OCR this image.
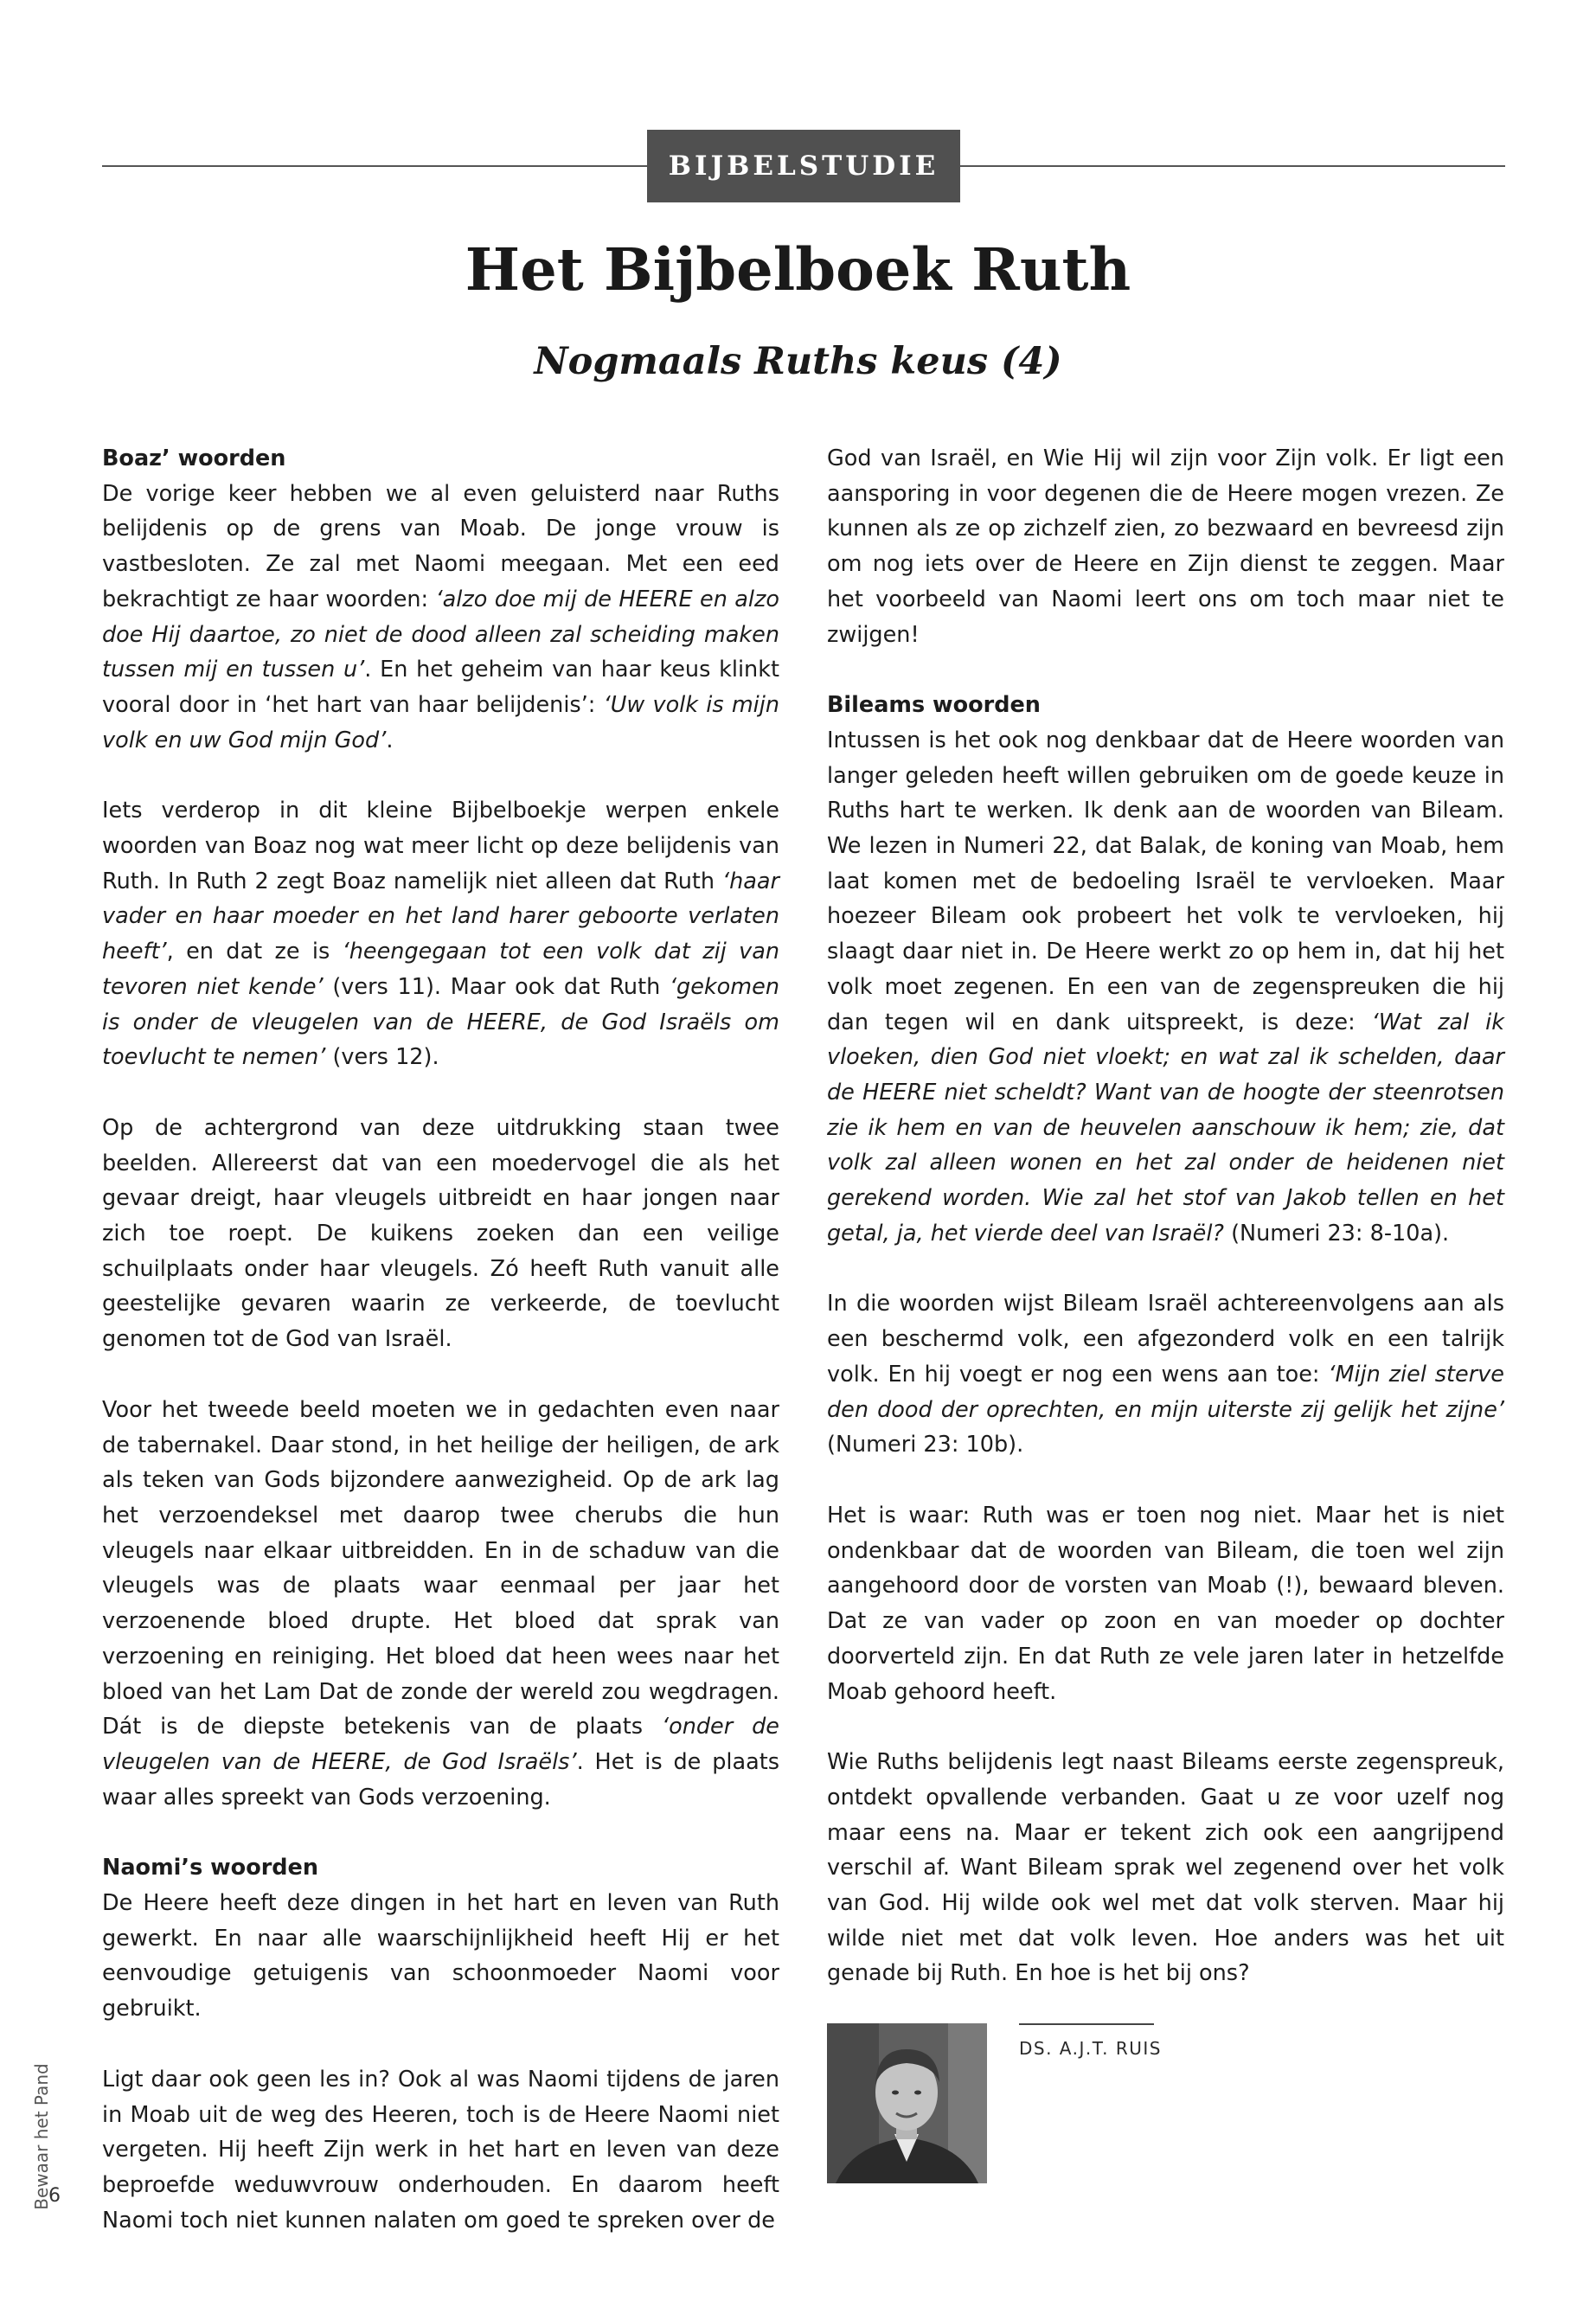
BIJBELSTUDIE
Het Bijbelboek Ruth
Nogmaals Ruths keus (4)
Boaz’ woorden

De vorige keer hebben we al even geluisterd naar Ruths belijdenis op de grens van Moab. De jonge vrouw is vastbesloten. Ze zal met Naomi meegaan. Met een eed bekrachtigt ze haar woorden: ‘alzo doe mij de HEERE en alzo doe Hij daartoe, zo niet de dood alleen zal scheiding maken tussen mij en tussen u’. En het geheim van haar keus klinkt vooral door in ‘het hart van haar belijdenis’: ‘Uw volk is mijn volk en uw God mijn God’.

Iets verderop in dit kleine Bijbelboekje werpen enkele woorden van Boaz nog wat meer licht op deze belijdenis van Ruth. In Ruth 2 zegt Boaz namelijk niet alleen dat Ruth ‘haar vader en haar moeder en het land harer geboorte verlaten heeft’, en dat ze is ‘heengegaan tot een volk dat zij van tevoren niet kende’ (vers 11). Maar ook dat Ruth ‘gekomen is onder de vleugelen van de HEERE, de God Israëls om toevlucht te nemen’ (vers 12).

Op de achtergrond van deze uitdrukking staan twee beelden. Allereerst dat van een moedervogel die als het gevaar dreigt, haar vleugels uitbreidt en haar jongen naar zich toe roept. De kuikens zoeken dan een veilige schuilplaats onder haar vleugels. Zó heeft Ruth vanuit alle geestelijke gevaren waarin ze verkeerde, de toevlucht genomen tot de God van Israël.

Voor het tweede beeld moeten we in gedachten even naar de tabernakel. Daar stond, in het heilige der heiligen, de ark als teken van Gods bijzondere aanwezigheid. Op de ark lag het verzoendeksel met daarop twee cherubs die hun vleugels naar elkaar uitbreidden. En in de schaduw van die vleugels was de plaats waar eenmaal per jaar het verzoenende bloed drupte. Het bloed dat sprak van verzoening en reiniging. Het bloed dat heen wees naar het bloed van het Lam Dat de zonde der wereld zou wegdragen. Dát is de diepste betekenis van de plaats ‘onder de vleugelen van de HEERE, de God Israëls’. Het is de plaats waar alles spreekt van Gods verzoening.

Naomi’s woorden

De Heere heeft deze dingen in het hart en leven van Ruth gewerkt. En naar alle waarschijnlijkheid heeft Hij er het eenvoudige getuigenis van schoonmoeder Naomi voor gebruikt.

Ligt daar ook geen les in? Ook al was Naomi tijdens de jaren in Moab uit de weg des Heeren, toch is de Heere Naomi niet vergeten. Hij heeft Zijn werk in het hart en leven van deze beproefde weduwvrouw onderhouden. En daarom heeft Naomi toch niet kunnen nalaten om goed te spreken over de

God van Israël, en Wie Hij wil zijn voor Zijn volk. Er ligt een aansporing in voor degenen die de Heere mogen vrezen. Ze kunnen als ze op zichzelf zien, zo bezwaard en bevreesd zijn om nog iets over de Heere en Zijn dienst te zeggen. Maar het voorbeeld van Naomi leert ons om toch maar niet te zwijgen!

Bileams woorden

Intussen is het ook nog denkbaar dat de Heere woorden van langer geleden heeft willen gebruiken om de goede keuze in Ruths hart te werken. Ik denk aan de woorden van Bileam. We lezen in Numeri 22, dat Balak, de koning van Moab, hem laat komen met de bedoeling Israël te vervloeken. Maar hoezeer Bileam ook probeert het volk te vervloeken, hij slaagt daar niet in. De Heere werkt zo op hem in, dat hij het volk moet zegenen. En een van de zegenspreuken die hij dan tegen wil en dank uitspreekt, is deze: ‘Wat zal ik vloeken, dien God niet vloekt; en wat zal ik schelden, daar de HEERE niet scheldt? Want van de hoogte der steenrotsen zie ik hem en van de heuvelen aanschouw ik hem; zie, dat volk zal alleen wonen en het zal onder de heidenen niet gerekend worden. Wie zal het stof van Jakob tellen en het getal, ja, het vierde deel van Israël? (Numeri 23: 8-10a).

In die woorden wijst Bileam Israël achtereenvolgens aan als een beschermd volk, een afgezonderd volk en een talrijk volk. En hij voegt er nog een wens aan toe: ‘Mijn ziel sterve den dood der oprechten, en mijn uiterste zij gelijk het zijne’ (Numeri 23: 10b).

Het is waar: Ruth was er toen nog niet. Maar het is niet ondenkbaar dat de woorden van Bileam, die toen wel zijn aangehoord door de vorsten van Moab (!), bewaard bleven. Dat ze van vader op zoon en van moeder op dochter doorverteld zijn. En dat Ruth ze vele jaren later in hetzelfde Moab gehoord heeft.

Wie Ruths belijdenis legt naast Bileams eerste zegenspreuk, ontdekt opvallende verbanden. Gaat u ze voor uzelf nog maar eens na. Maar er tekent zich ook een aangrijpend verschil af. Want Bileam sprak wel zegenend over het volk van God. Hij wilde ook wel met dat volk sterven. Maar hij wilde niet met dat volk leven. Hoe anders was het uit genade bij Ruth. En hoe is het bij ons?

DS. A.J.T. RUIS
Bewaar het Pand
6
